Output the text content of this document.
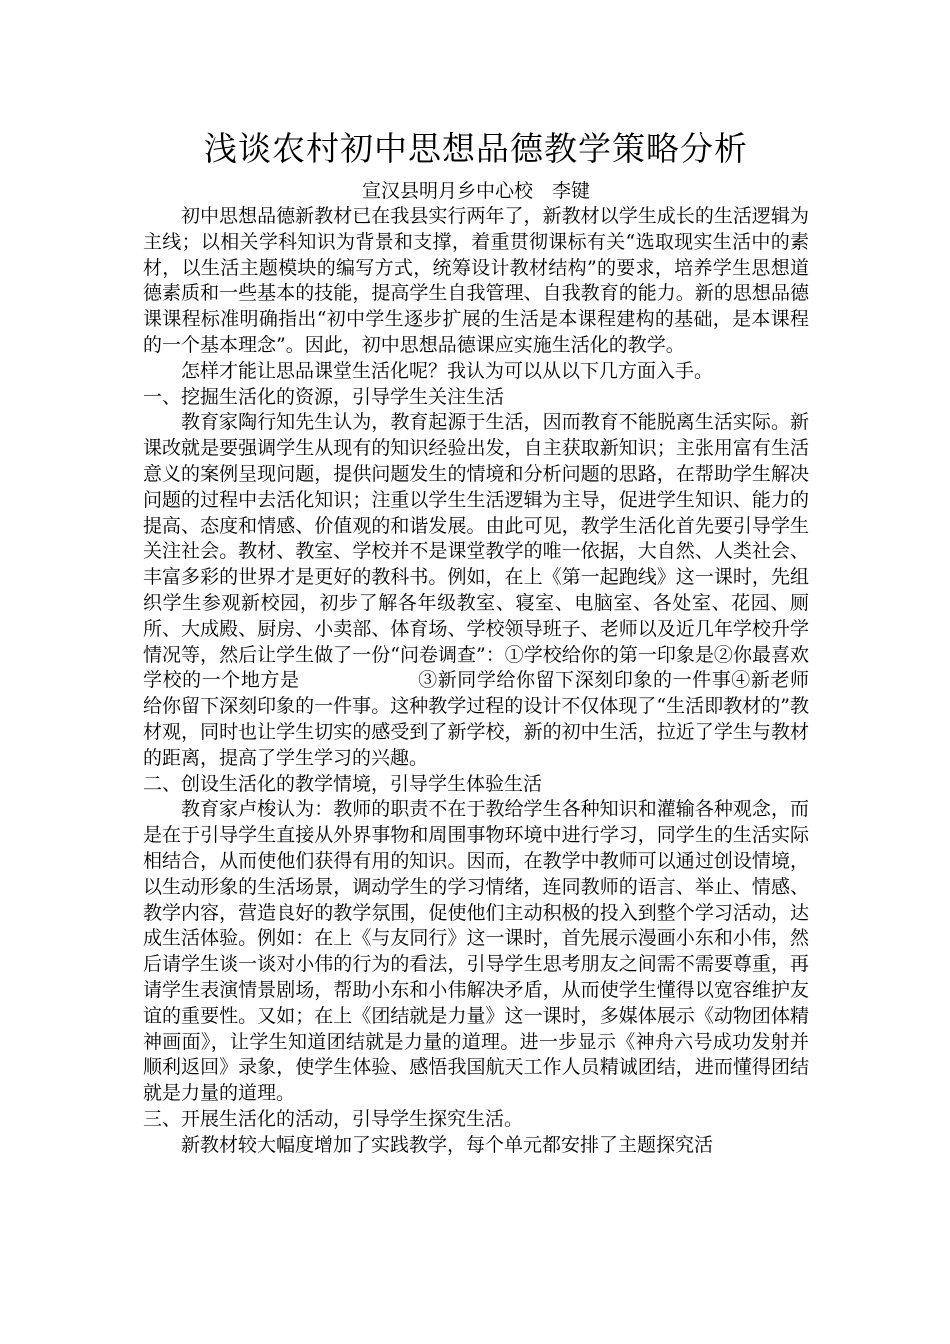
浅谈农村初中思想品德教学策略分析

宣汉县明月乡中心校　李键

初中思想品德新教材已在我县实行两年了，新教材以学生成长的生活逻辑为主线；以相关学科知识为背景和支撑，着重贯彻课标有关“选取现实生活中的素材，以生活主题模块的编写方式，统筹设计教材结构”的要求，培养学生思想道德素质和一些基本的技能，提高学生自我管理、自我教育的能力。新的思想品德课课程标准明确指出“初中学生逐步扩展的生活是本课程建构的基础，是本课程的一个基本理念”。因此，初中思想品德课应实施生活化的教学。

怎样才能让思品课堂生活化呢？我认为可以从以下几方面入手。

一、挖掘生活化的资源，引导学生关注生活

教育家陶行知先生认为，教育起源于生活，因而教育不能脱离生活实际。新课改就是要强调学生从现有的知识经验出发，自主获取新知识；主张用富有生活意义的案例呈现问题，提供问题发生的情境和分析问题的思路，在帮助学生解决问题的过程中去活化知识；注重以学生生活逻辑为主导，促进学生知识、能力的提高、态度和情感、价值观的和谐发展。由此可见，教学生活化首先要引导学生关注社会。教材、教室、学校并不是课堂教学的唯一依据，大自然、人类社会、丰富多彩的世界才是更好的教科书。例如，在上《第一起跑线》这一课时，先组织学生参观新校园，初步了解各年级教室、寝室、电脑室、各处室、花园、厕所、大成殿、厨房、小卖部、体育场、学校领导班子、老师以及近几年学校升学情况等，然后让学生做了一份“问卷调查”：①学校给你的第一印象是②你最喜欢学校的一个地方是	③新同学给你留下深刻印象的一件事④新老师给你留下深刻印象的一件事。这种教学过程的设计不仅体现了“生活即教材的”教材观，同时也让学生切实的感受到了新学校，新的初中生活，拉近了学生与教材的距离，提高了学生学习的兴趣。

二、创设生活化的教学情境，引导学生体验生活

教育家卢梭认为：教师的职责不在于教给学生各种知识和灌输各种观念，而是在于引导学生直接从外界事物和周围事物环境中进行学习，同学生的生活实际相结合，从而使他们获得有用的知识。因而，在教学中教师可以通过创设情境，以生动形象的生活场景，调动学生的学习情绪，连同教师的语言、举止、情感、教学内容，营造良好的教学氛围，促使他们主动积极的投入到整个学习活动，达成生活体验。例如：在上《与友同行》这一课时，首先展示漫画小东和小伟，然后请学生谈一谈对小伟的行为的看法，引导学生思考朋友之间需不需要尊重，再请学生表演情景剧场，帮助小东和小伟解决矛盾，从而使学生懂得以宽容维护友谊的重要性。又如；在上《团结就是力量》这一课时，多媒体展示《动物团体精神画面》，让学生知道团结就是力量的道理。进一步显示《神舟六号成功发射并顺利返回》录象，使学生体验、感悟我国航天工作人员精诚团结，进而懂得团结就是力量的道理。

三、开展生活化的活动，引导学生探究生活。

新教材较大幅度增加了实践教学，每个单元都安排了主题探究活
